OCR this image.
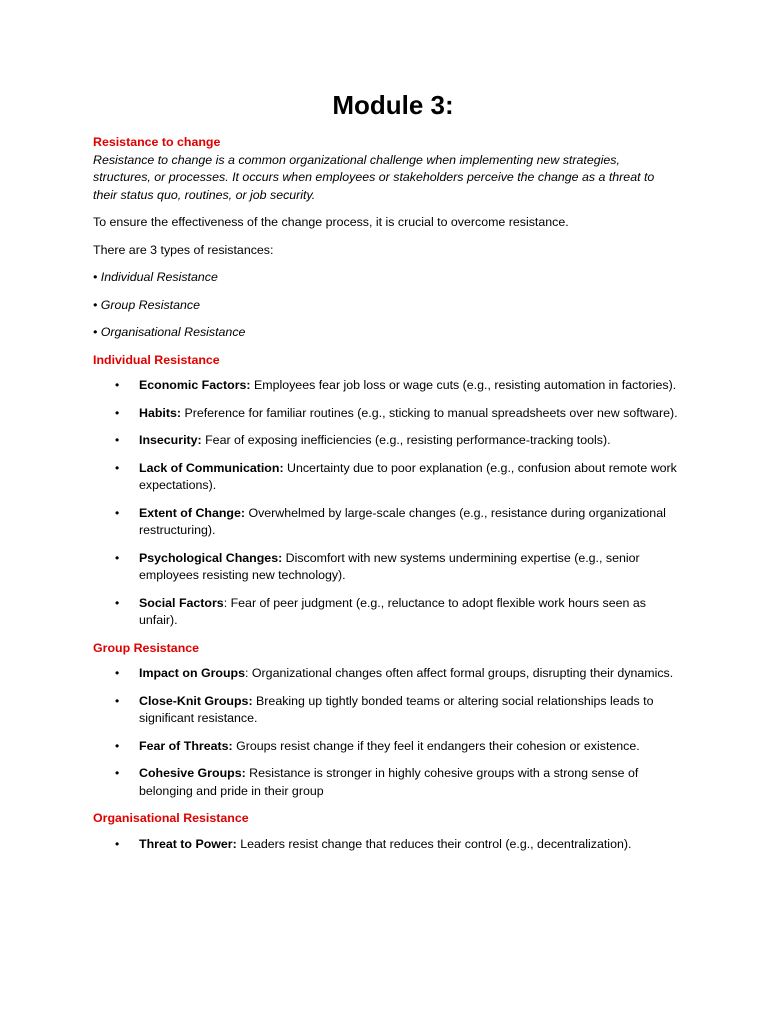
Module 3:

Resistance to change

Resistance to change is a common organizational challenge when implementing new strategies, structures, or processes. It occurs when employees or stakeholders perceive the change as a threat to their status quo, routines, or job security.

To ensure the effectiveness of the change process, it is crucial to overcome resistance.

There are 3 types of resistances:

• Individual Resistance

• Group Resistance

• Organisational Resistance

Individual Resistance

• Economic Factors: Employees fear job loss or wage cuts (e.g., resisting automation in factories).
• Habits: Preference for familiar routines (e.g., sticking to manual spreadsheets over new software).
• Insecurity: Fear of exposing inefficiencies (e.g., resisting performance-tracking tools).
• Lack of Communication: Uncertainty due to poor explanation (e.g., confusion about remote work expectations).
• Extent of Change: Overwhelmed by large-scale changes (e.g., resistance during organizational restructuring).
• Psychological Changes: Discomfort with new systems undermining expertise (e.g., senior employees resisting new technology).
• Social Factors: Fear of peer judgment (e.g., reluctance to adopt flexible work hours seen as unfair).

Group Resistance

• Impact on Groups: Organizational changes often affect formal groups, disrupting their dynamics.
• Close-Knit Groups: Breaking up tightly bonded teams or altering social relationships leads to significant resistance.
• Fear of Threats: Groups resist change if they feel it endangers their cohesion or existence.
• Cohesive Groups: Resistance is stronger in highly cohesive groups with a strong sense of belonging and pride in their group

Organisational Resistance

• Threat to Power: Leaders resist change that reduces their control (e.g., decentralization).
